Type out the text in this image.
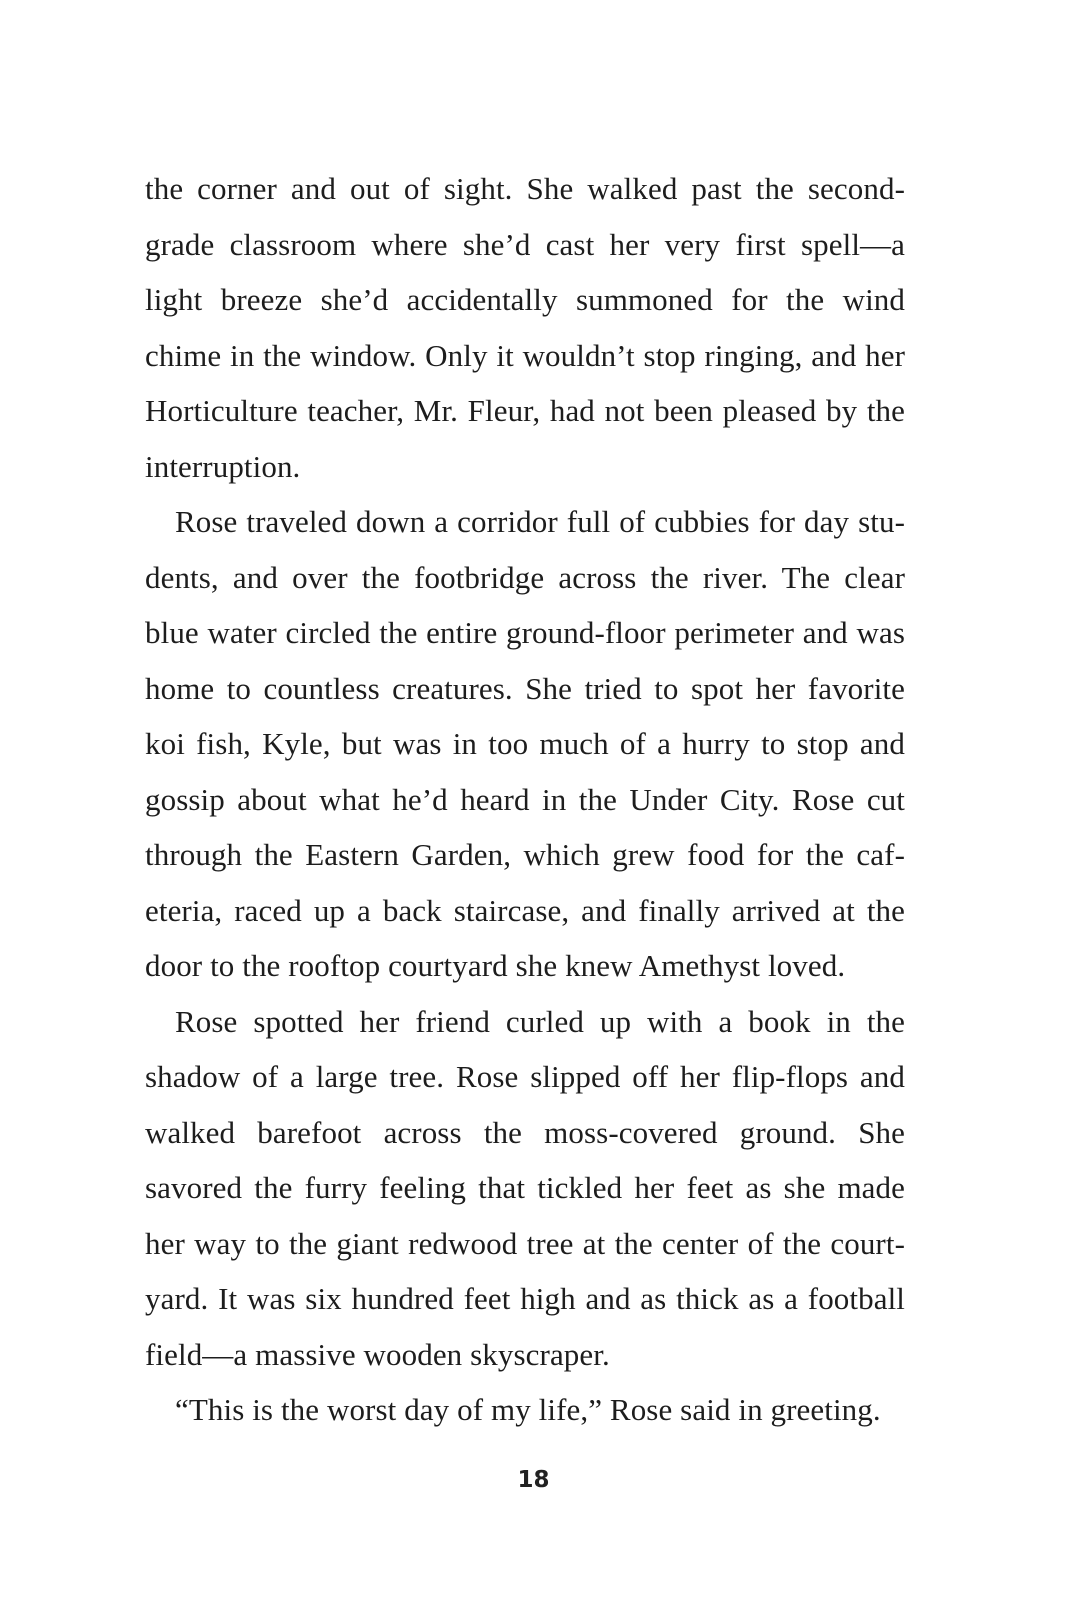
the corner and out of sight. She walked past the second-
grade classroom where she’d cast her very first spell—a
light breeze she’d accidentally summoned for the wind
chime in the window. Only it wouldn’t stop ringing, and her
Horticulture teacher, Mr. Fleur, had not been pleased by the
interruption.
Rose traveled down a corridor full of cubbies for day stu-
dents, and over the footbridge across the river. The clear
blue water circled the entire ground-floor perimeter and was
home to countless creatures. She tried to spot her favorite
koi fish, Kyle, but was in too much of a hurry to stop and
gossip about what he’d heard in the Under City. Rose cut
through the Eastern Garden, which grew food for the caf-
eteria, raced up a back staircase, and finally arrived at the
door to the rooftop courtyard she knew Amethyst loved.
Rose spotted her friend curled up with a book in the
shadow of a large tree. Rose slipped off her flip-flops and
walked barefoot across the moss-covered ground. She
savored the furry feeling that tickled her feet as she made
her way to the giant redwood tree at the center of the court-
yard. It was six hundred feet high and as thick as a football
field—a massive wooden skyscraper.
“This is the worst day of my life,” Rose said in greeting.
18
